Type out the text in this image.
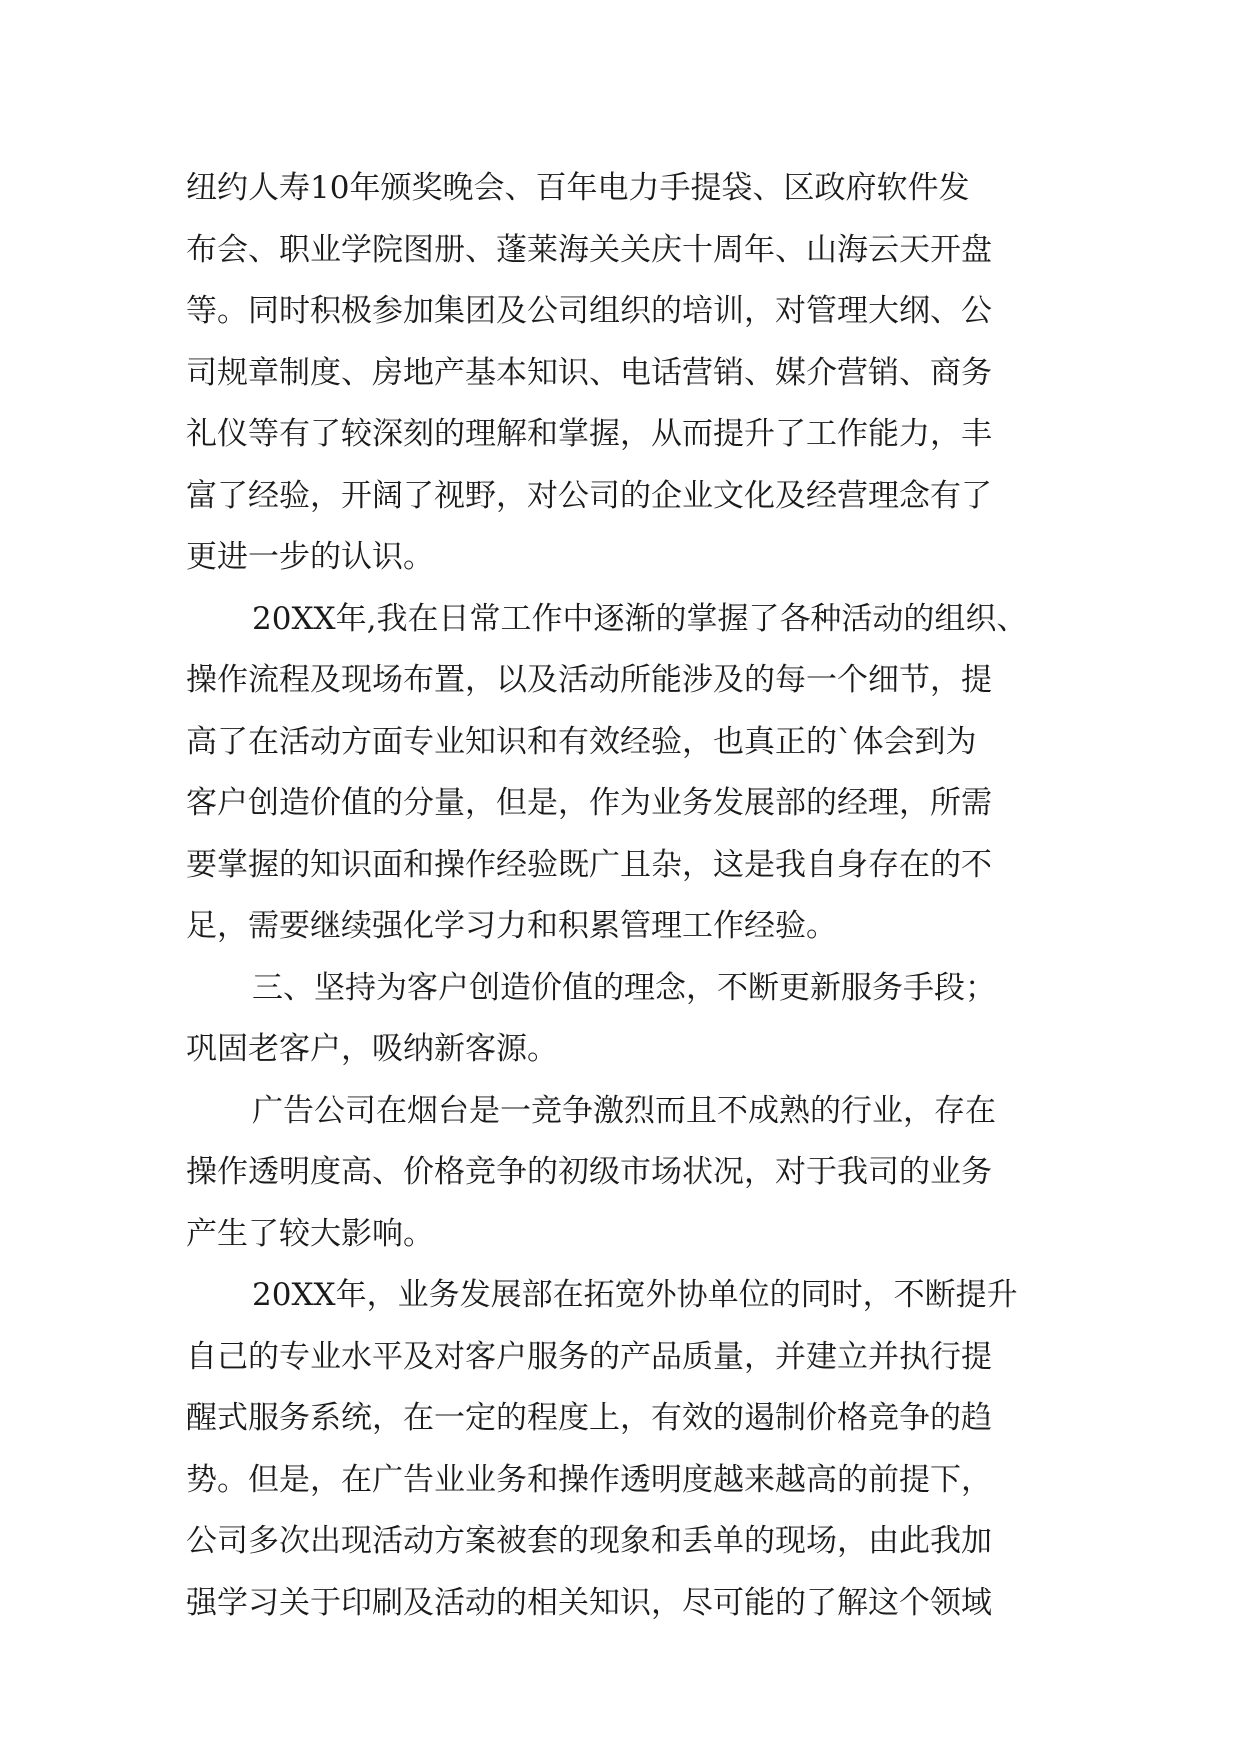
纽约人寿10年颁奖晚会、百年电力手提袋、区政府软件发
布会、职业学院图册、蓬莱海关关庆十周年、山海云天开盘
等。同时积极参加集团及公司组织的培训，对管理大纲、公
司规章制度、房地产基本知识、电话营销、媒介营销、商务
礼仪等有了较深刻的理解和掌握，从而提升了工作能力，丰
富了经验，开阔了视野，对公司的企业文化及经营理念有了
更进一步的认识。
20XX年,我在日常工作中逐渐的掌握了各种活动的组织、
操作流程及现场布置，以及活动所能涉及的每一个细节，提
高了在活动方面专业知识和有效经验，也真正的`体会到为
客户创造价值的分量，但是，作为业务发展部的经理，所需
要掌握的知识面和操作经验既广且杂，这是我自身存在的不
足，需要继续强化学习力和积累管理工作经验。
三、坚持为客户创造价值的理念，不断更新服务手段；
巩固老客户，吸纳新客源。
广告公司在烟台是一竞争激烈而且不成熟的行业，存在
操作透明度高、价格竞争的初级市场状况，对于我司的业务
产生了较大影响。
20XX年，业务发展部在拓宽外协单位的同时，不断提升
自己的专业水平及对客户服务的产品质量，并建立并执行提
醒式服务系统，在一定的程度上，有效的遏制价格竞争的趋
势。但是，在广告业业务和操作透明度越来越高的前提下，
公司多次出现活动方案被套的现象和丢单的现场，由此我加
强学习关于印刷及活动的相关知识，尽可能的了解这个领域
